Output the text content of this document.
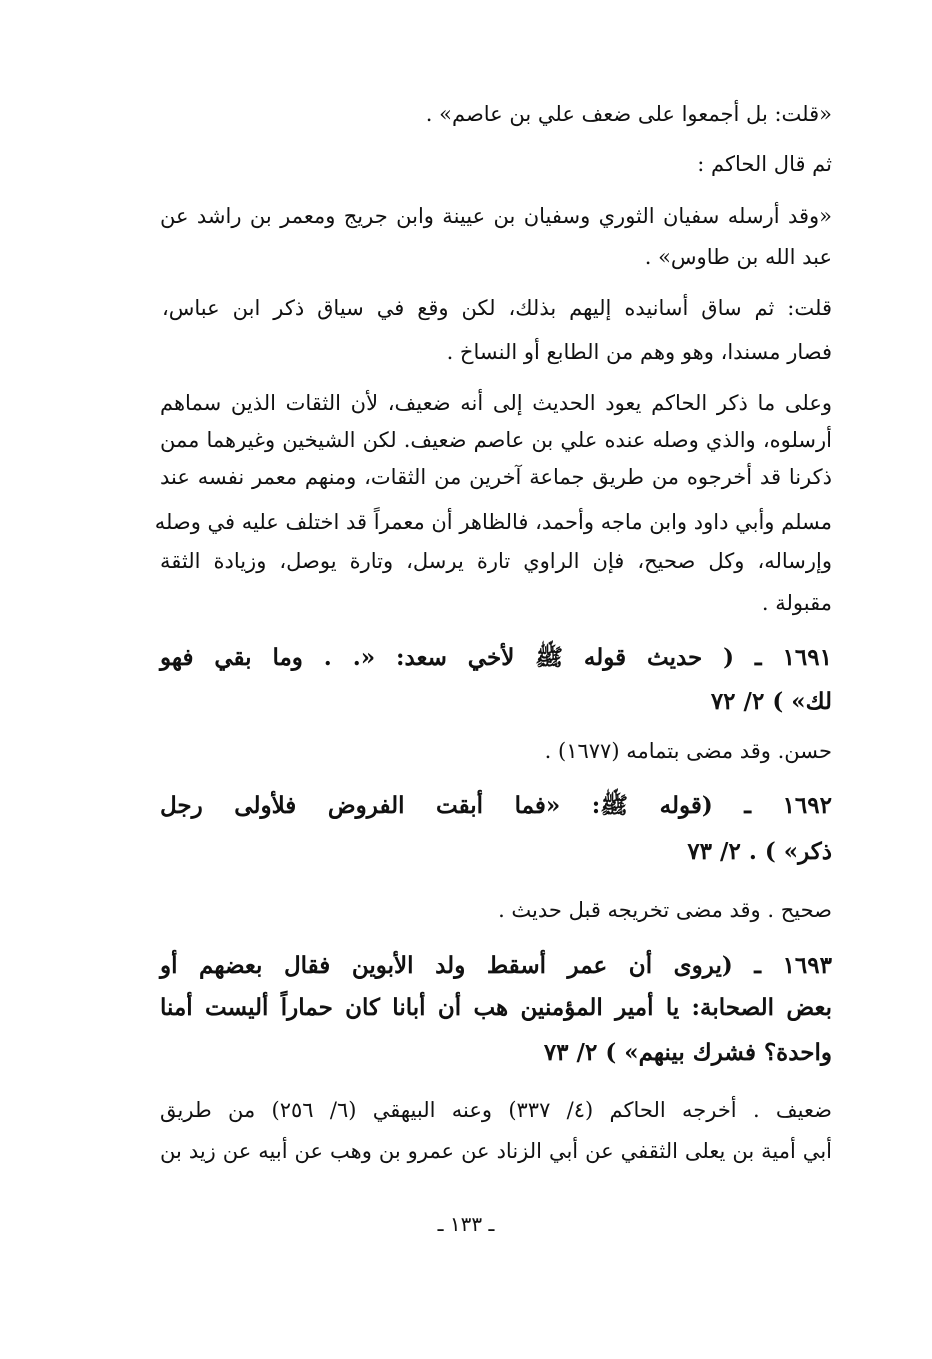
«قلت: بل أجمعوا على ضعف علي بن عاصم» .

ثم قال الحاكم :

«وقد أرسله سفيان الثوري وسفيان بن عيينة وابن جريج ومعمر بن راشد عن

عبد الله بن طاوس» .

قلت: ثم ساق أسانيده إليهم بذلك، لكن وقع في سياق ذكر ابن عباس،

فصار مسندا، وهو وهم من الطابع أو النساخ .

وعلى ما ذكر الحاكم يعود الحديث إلى أنه ضعيف، لأن الثقات الذين سماهم

أرسلوه، والذي وصله عنده علي بن عاصم ضعيف. لكن الشيخين وغيرهما ممن

ذكرنا قد أخرجوه من طريق جماعة آخرين من الثقات، ومنهم معمر نفسه عند

مسلم وأبي داود وابن ماجه وأحمد، فالظاهر أن معمراً قد اختلف عليه في وصله

وإرساله، وكل صحيح، فإن الراوي تارة يرسل، وتارة يوصل، وزيادة الثقة

مقبولة .

١٦٩١ ـ ( حديث قوله ﷺ لأخي سعد: «. . وما بقي فهو

لك» ) ٢/ ٧٢

حسن. وقد مضى بتمامه (١٦٧٧) .

١٦٩٢ ـ (قوله ﷺ: «فما أبقت الفروض فلأولى رجل

ذكر» ) . ٢/ ٧٣

صحيح . وقد مضى تخريجه قبل حديث .

١٦٩٣ ـ (يروى أن عمر أسقط ولد الأبوين فقال بعضهم أو

بعض الصحابة: يا أمير المؤمنين هب أن أبانا كان حماراً أليست أمنا

واحدة؟ فشرك بينهم» ) ٢/ ٧٣

ضعيف . أخرجه الحاكم (٤/ ٣٣٧) وعنه البيهقي (٦/ ٢٥٦) من طريق

أبي أمية بن يعلى الثقفي عن أبي الزناد عن عمرو بن وهب عن أبيه عن زيد بن

ـ ١٣٣ ـ
